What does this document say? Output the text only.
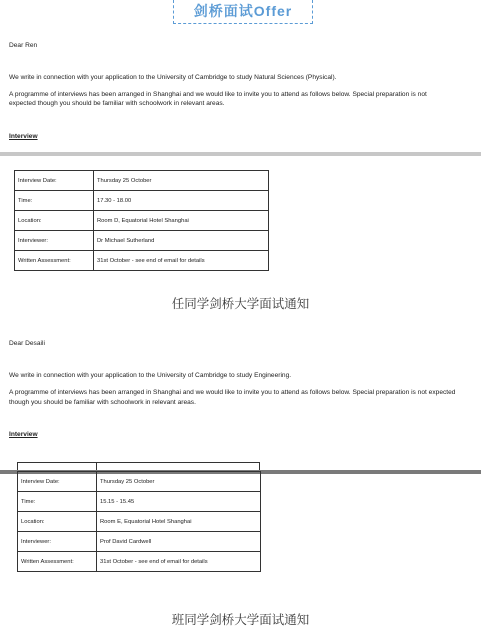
剑桥面试Offer
Dear Ren
We write in connection with your application to the University of Cambridge to study Natural Sciences (Physical).
A programme of interviews has been arranged in Shanghai and we would like to invite you to attend as follows below. Special preparation is not
expected though you should be familiar with schoolwork in relevant areas.
Interview
Interview Date:	Thursday 25 October
Time:	17.30 - 18.00
Location:	Room D, Equatorial Hotel Shanghai
Interviewer:	Dr Michael Sutherland
Written Assessment:	31st October - see end of email for details
任同学剑桥大学面试通知
Dear Desaili
We write in connection with your application to the University of Cambridge to study Engineering.
A programme of interviews has been arranged in Shanghai and we would like to invite you to attend as follows below. Special preparation is not expected
though you should be familiar with schoolwork in relevant areas.
Interview
Interview Date:	Thursday 25 October
Time:	15.15 - 15.45
Location:	Room E, Equatorial Hotel Shanghai
Interviewer:	Prof David Cardwell
Written Assessment:	31st October - see end of email for details
班同学剑桥大学面试通知
